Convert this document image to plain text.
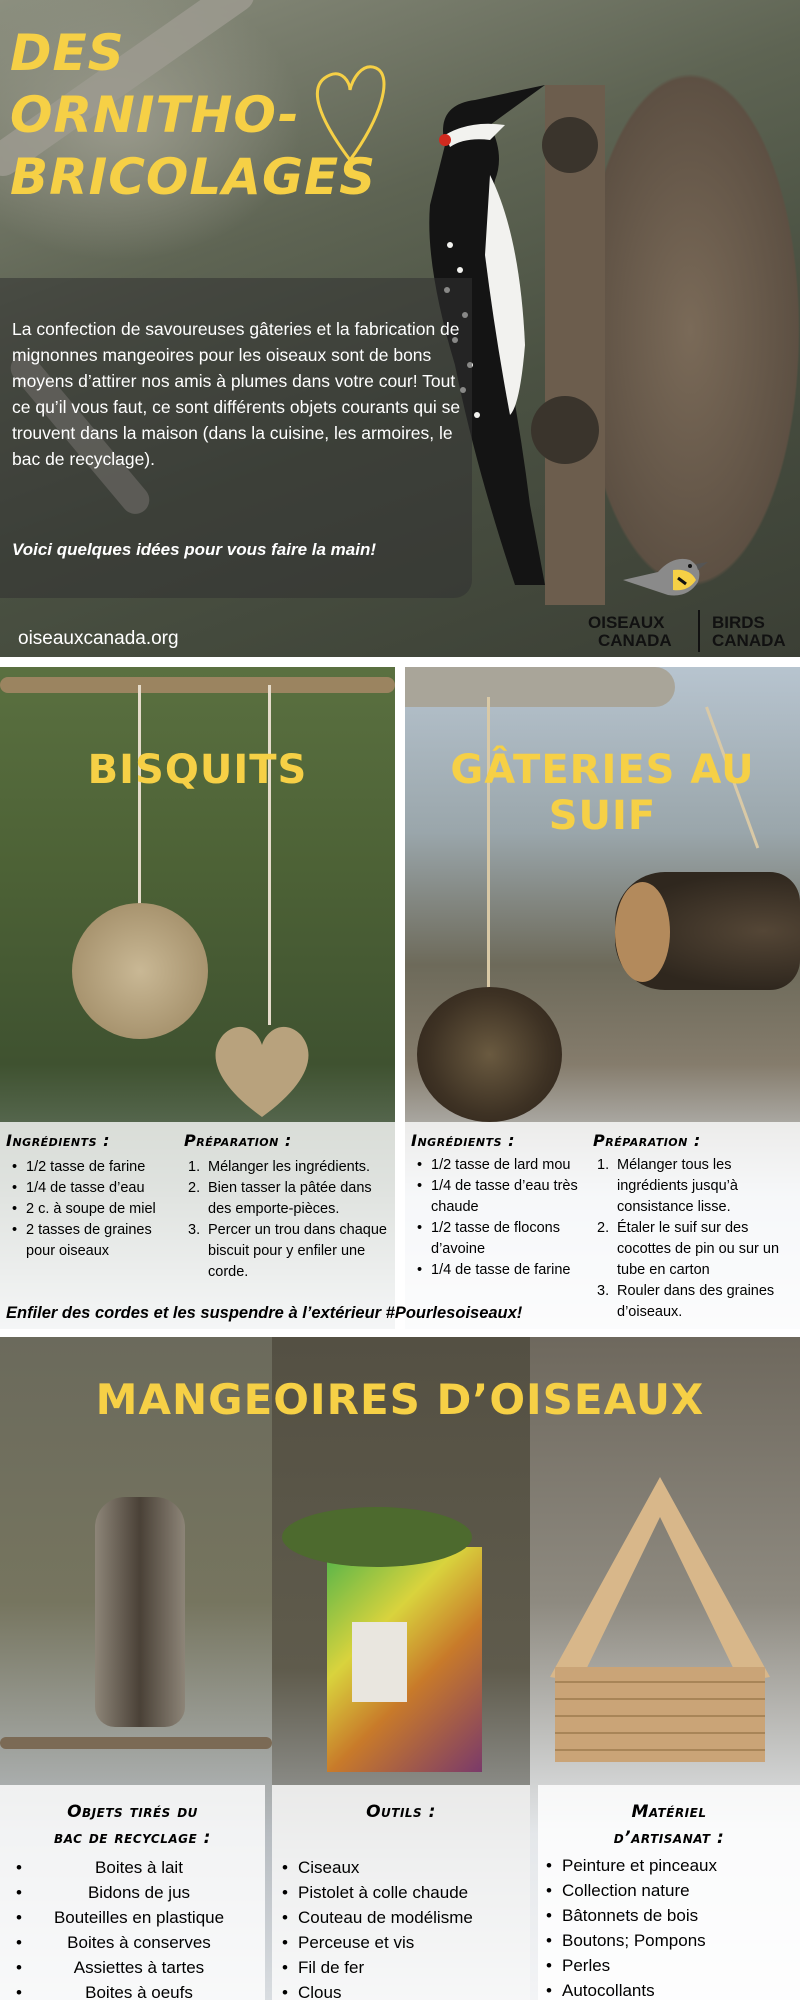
DES
ORNITHO-
BRICOLAGES

La confection de savoureuses gâteries et la fabrication de mignonnes mangeoires pour les oiseaux sont de bons moyens d’attirer nos amis à plumes dans votre cour! Tout ce qu’il vous faut, ce sont différents objets courants qui se trouvent dans la maison (dans la cuisine, les armoires, le bac de recyclage).

Voici quelques idées pour vous faire la main!

oiseauxcanada.org

OISEAUX
CANADA
BIRDS
CANADA
BISQUITS
Ingrédients :
• 1/2 tasse de farine
• 1/4 de tasse d’eau
• 2 c. à soupe de miel
• 2 tasses de graines pour oiseaux
Préparation :
1. Mélanger les ingrédients.
2. Bien tasser la pâtée dans des emporte-pièces.
3. Percer un trou dans chaque biscuit pour y enfiler une corde.
GÂTERIES AU SUIF
Ingrédients :
• 1/2 tasse de lard mou
• 1/4 de tasse d’eau très chaude
• 1/2 tasse de flocons d’avoine
• 1/4 de tasse de farine
Préparation :
1. Mélanger tous les ingrédients jusqu’à consistance lisse.
2. Étaler le suif sur des cocottes de pin ou sur un tube en carton
3. Rouler dans des graines d’oiseaux.
Enfiler des cordes et les suspendre à l’extérieur #Pourlesoiseaux!
MANGEOIRES D’OISEAUX
Objets tirés du
bac de recyclage :
• Boites à lait
• Bidons de jus
• Bouteilles en plastique
• Boites à conserves
• Assiettes à tartes
• Boites à oeufs
Outils :
• Ciseaux
• Pistolet à colle chaude
• Couteau de modélisme
• Perceuse et vis
• Fil de fer
• Clous
Matériel
d’artisanat :
• Peinture et pinceaux
• Collection nature
• Bâtonnets de bois
• Boutons; Pompons
• Perles
• Autocollants
